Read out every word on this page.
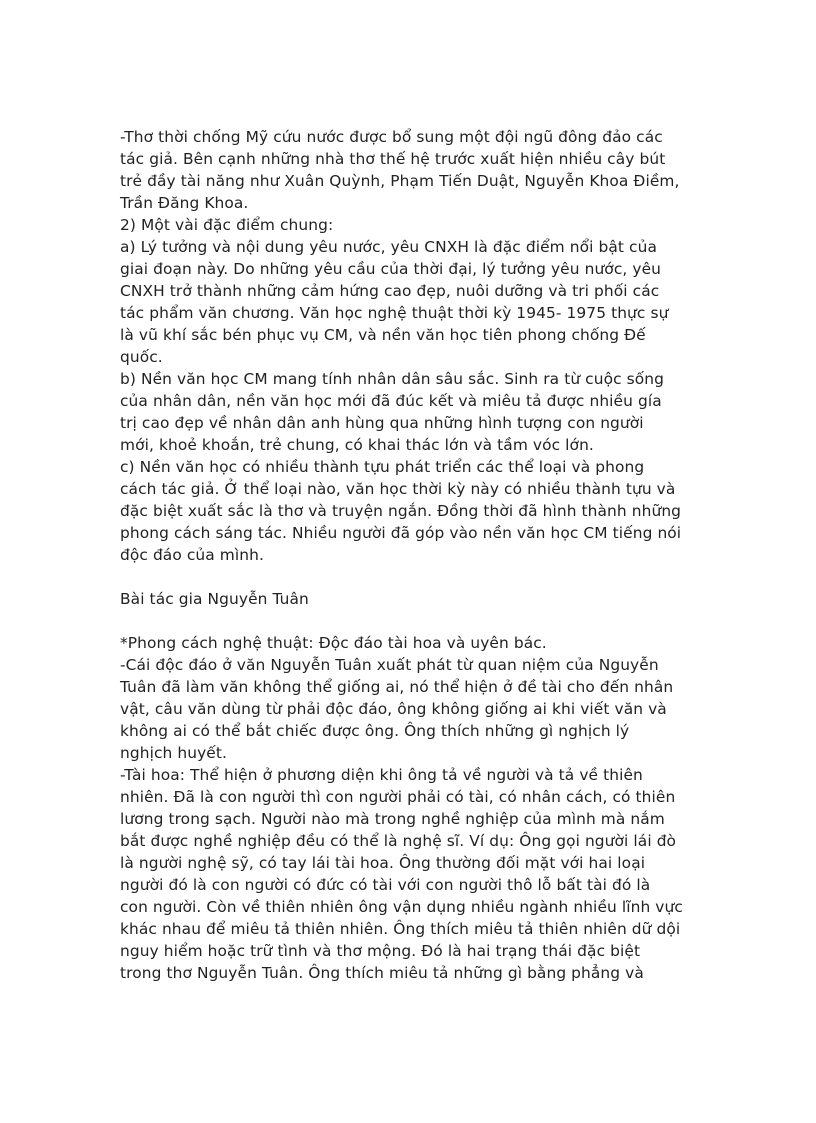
-Thơ thời chống Mỹ cứu nước được bổ sung một đội ngũ đông đảo các
tác giả. Bên cạnh những nhà thơ thế hệ trước xuất hiện nhiều cây bút
trẻ đầy tài năng như Xuân Quỳnh, Phạm Tiến Duật, Nguyễn Khoa Điềm,
Trần Đăng Khoa.
2) Một vài đặc điểm chung:
a) Lý tưởng và nội dung yêu nước, yêu CNXH là đặc điểm nổi bật của
giai đoạn này. Do những yêu cầu của thời đại, lý tưởng yêu nước, yêu
CNXH trở thành những cảm hứng cao đẹp, nuôi dưỡng và tri phối các
tác phẩm văn chương. Văn học nghệ thuật thời kỳ 1945- 1975 thực sự
là vũ khí sắc bén phục vụ CM, và nền văn học tiên phong chống Đế
quốc.
b) Nền văn học CM mang tính nhân dân sâu sắc. Sinh ra từ cuộc sống
của nhân dân, nền văn học mới đã đúc kết và miêu tả được nhiều gía
trị cao đẹp về nhân dân anh hùng qua những hình tượng con người
mới, khoẻ khoắn, trẻ chung, có khai thác lớn và tầm vóc lớn.
c) Nền văn học có nhiều thành tựu phát triển các thể loại và phong
cách tác giả. Ở thể loại nào, văn học thời kỳ này có nhiều thành tựu và
đặc biệt xuất sắc là thơ và truyện ngắn. Đồng thời đã hình thành những
phong cách sáng tác. Nhiều người đã góp vào nền văn học CM tiếng nói
độc đáo của mình.
Bài tác gia Nguyễn Tuân
*Phong cách nghệ thuật: Độc đáo tài hoa và uyên bác.
-Cái độc đáo ở văn Nguyễn Tuân xuất phát từ quan niệm của Nguyễn
Tuân đã làm văn không thể giống ai, nó thể hiện ở đề tài cho đến nhân
vật, câu văn dùng từ phải độc đáo, ông không giống ai khi viết văn và
không ai có thể bắt chiếc được ông. Ông thích những gì nghịch lý
nghịch huyết.
-Tài hoa: Thể hiện ở phương diện khi ông tả về người và tả về thiên
nhiên. Đã là con người thì con người phải có tài, có nhân cách, có thiên
lương trong sạch. Người nào mà trong nghề nghiệp của mình mà nắm
bắt được nghề nghiệp đều có thể là nghệ sĩ. Ví dụ: Ông gọi người lái đò
là người nghệ sỹ, có tay lái tài hoa. Ông thường đối mặt với hai loại
người đó là con người có đức có tài với con người thô lỗ bất tài đó là
con người. Còn về thiên nhiên ông vận dụng nhiều ngành nhiều lĩnh vực
khác nhau để miêu tả thiên nhiên. Ông thích miêu tả thiên nhiên dữ dội
nguy hiểm hoặc trữ tình và thơ mộng. Đó là hai trạng thái đặc biệt
trong thơ Nguyễn Tuân. Ông thích miêu tả những gì bằng phẳng và
